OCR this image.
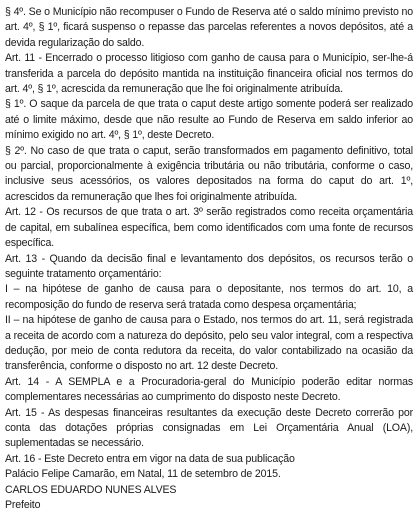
§ 4º. Se o Município não recompuser o Fundo de Reserva até o saldo mínimo previsto no art. 4º, § 1º, ficará suspenso o repasse das parcelas referentes a novos depósitos, até a devida regularização do saldo.

Art. 11 - Encerrado o processo litigioso com ganho de causa para o Município, ser-lhe-á transferida a parcela do depósito mantida na instituição financeira oficial nos termos do art. 4º, § 1º, acrescida da remuneração que lhe foi originalmente atribuída.

§ 1º. O saque da parcela de que trata o caput deste artigo somente poderá ser realizado até o limite máximo, desde que não resulte ao Fundo de Reserva em saldo inferior ao mínimo exigido no art. 4º, § 1º, deste Decreto.

§ 2º. No caso de que trata o caput, serão transformados em pagamento definitivo, total ou parcial, proporcionalmente à exigência tributária ou não tributária, conforme o caso, inclusive seus acessórios, os valores depositados na forma do caput do art. 1º, acrescidos da remuneração que lhes foi originalmente atribuída.

Art. 12 - Os recursos de que trata o art. 3º serão registrados como receita orçamentária de capital, em subalínea específica, bem como identificados com uma fonte de recursos específica.

Art. 13 - Quando da decisão final e levantamento dos depósitos, os recursos terão o seguinte tratamento orçamentário:

I – na hipótese de ganho de causa para o depositante, nos termos do art. 10, a recomposição do fundo de reserva será tratada como despesa orçamentária;

II – na hipótese de ganho de causa para o Estado, nos termos do art. 11, será registrada a receita de acordo com a natureza do depósito, pelo seu valor integral, com a respectiva dedução, por meio de conta redutora da receita, do valor contabilizado na ocasião da transferência, conforme o disposto no art. 12 deste Decreto.

Art. 14 - A SEMPLA e a Procuradoria-geral do Município poderão editar normas complementares necessárias ao cumprimento do disposto neste Decreto.

Art. 15 - As despesas financeiras resultantes da execução deste Decreto correrão por conta das dotações próprias consignadas em Lei Orçamentária Anual (LOA), suplementadas se necessário.

Art. 16 - Este Decreto entra em vigor na data de sua publicação

Palácio Felipe Camarão, em Natal, 11 de setembro de 2015.

CARLOS EDUARDO NUNES ALVES

Prefeito
